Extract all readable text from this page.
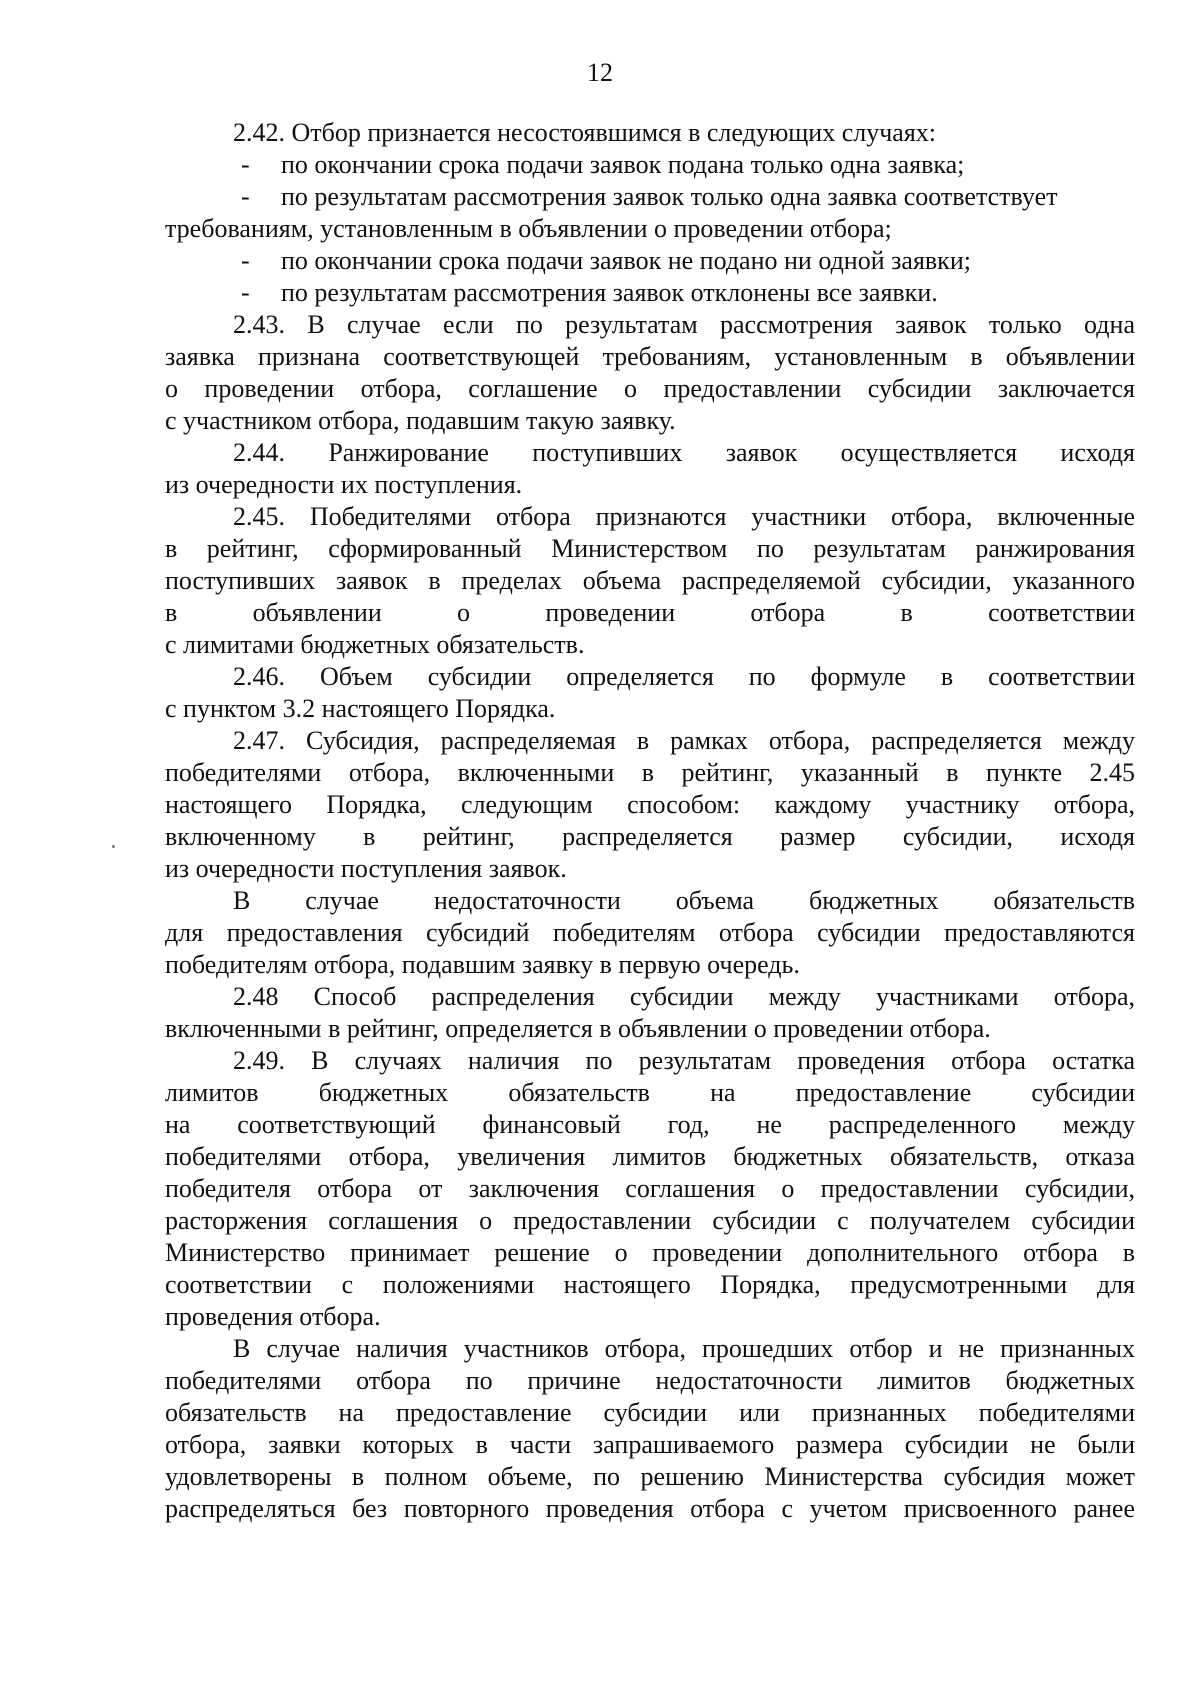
12
2.42. Отбор признается несостоявшимся в следующих случаях:
- по окончании срока подачи заявок подана только одна заявка;
- по результатам рассмотрения заявок только одна заявка соответствует
требованиям, установленным в объявлении о проведении отбора;
- по окончании срока подачи заявок не подано ни одной заявки;
- по результатам рассмотрения заявок отклонены все заявки.
2.43. В случае если по результатам рассмотрения заявок только одна
заявка признана соответствующей требованиям, установленным в объявлении
о проведении отбора, соглашение о предоставлении субсидии заключается
с участником отбора, подавшим такую заявку.
2.44. Ранжирование поступивших заявок осуществляется исходя
из очередности их поступления.
2.45. Победителями отбора признаются участники отбора, включенные
в рейтинг, сформированный Министерством по результатам ранжирования
поступивших заявок в пределах объема распределяемой субсидии, указанного
в объявлении о проведении отбора в соответствии
с лимитами бюджетных обязательств.
2.46. Объем субсидии определяется по формуле в соответствии
с пунктом 3.2 настоящего Порядка.
2.47. Субсидия, распределяемая в рамках отбора, распределяется между
победителями отбора, включенными в рейтинг, указанный в пункте 2.45
настоящего Порядка, следующим способом: каждому участнику отбора,
включенному в рейтинг, распределяется размер субсидии, исходя
из очередности поступления заявок.
В случае недостаточности объема бюджетных обязательств
для предоставления субсидий победителям отбора субсидии предоставляются
победителям отбора, подавшим заявку в первую очередь.
2.48 Способ распределения субсидии между участниками отбора,
включенными в рейтинг, определяется в объявлении о проведении отбора.
2.49. В случаях наличия по результатам проведения отбора остатка
лимитов бюджетных обязательств на предоставление субсидии
на соответствующий финансовый год, не распределенного между
победителями отбора, увеличения лимитов бюджетных обязательств, отказа
победителя отбора от заключения соглашения о предоставлении субсидии,
расторжения соглашения о предоставлении субсидии с получателем субсидии
Министерство принимает решение о проведении дополнительного отбора в
соответствии с положениями настоящего Порядка, предусмотренными для
проведения отбора.
В случае наличия участников отбора, прошедших отбор и не признанных
победителями отбора по причине недостаточности лимитов бюджетных
обязательств на предоставление субсидии или признанных победителями
отбора, заявки которых в части запрашиваемого размера субсидии не были
удовлетворены в полном объеме, по решению Министерства субсидия может
распределяться без повторного проведения отбора с учетом присвоенного ранее
